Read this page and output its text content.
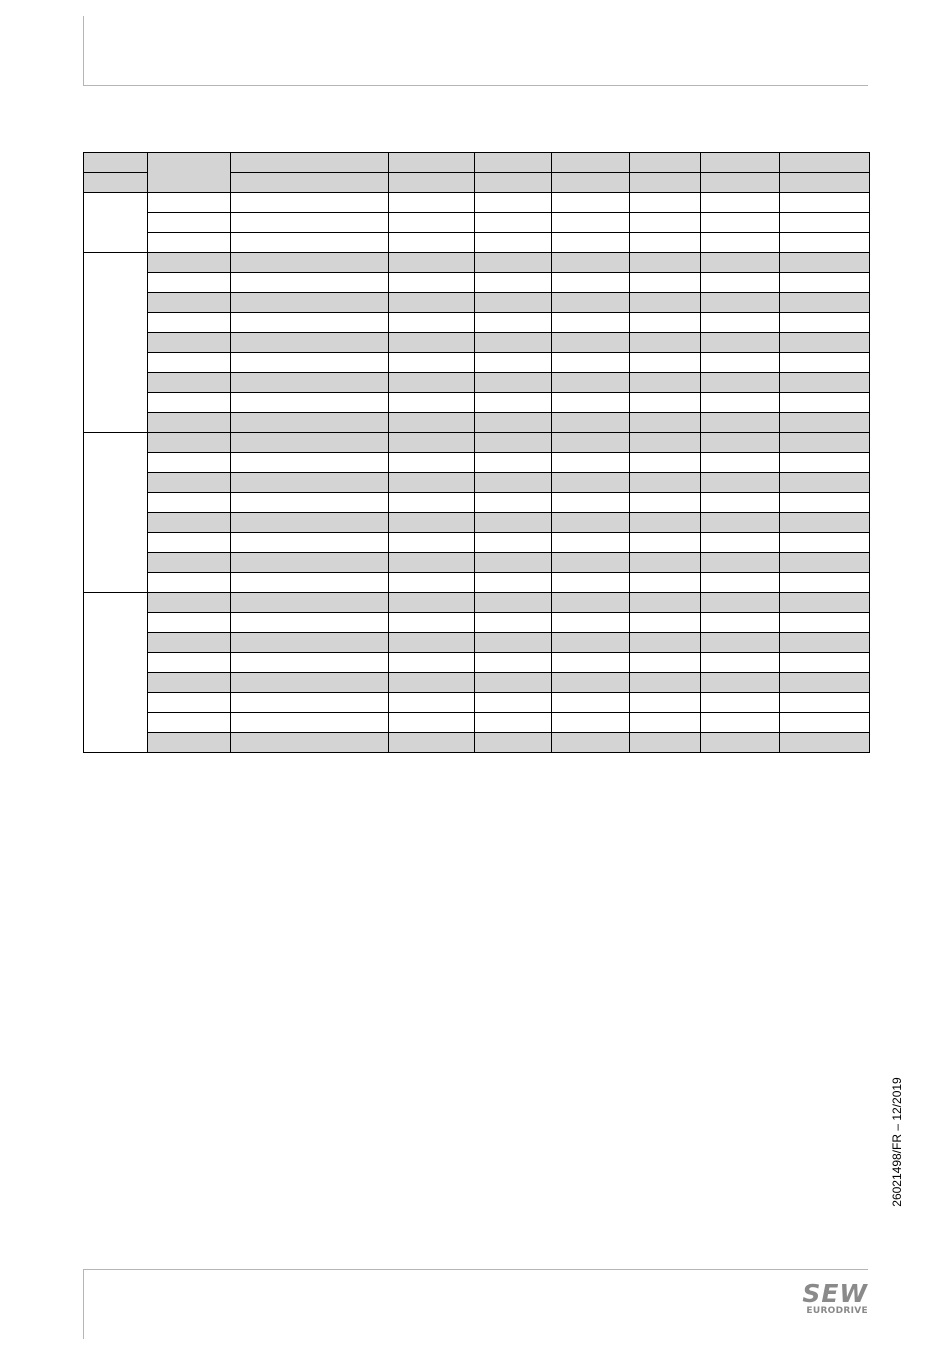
26021498/FR – 12/2019
SEW
EURODRIVE
